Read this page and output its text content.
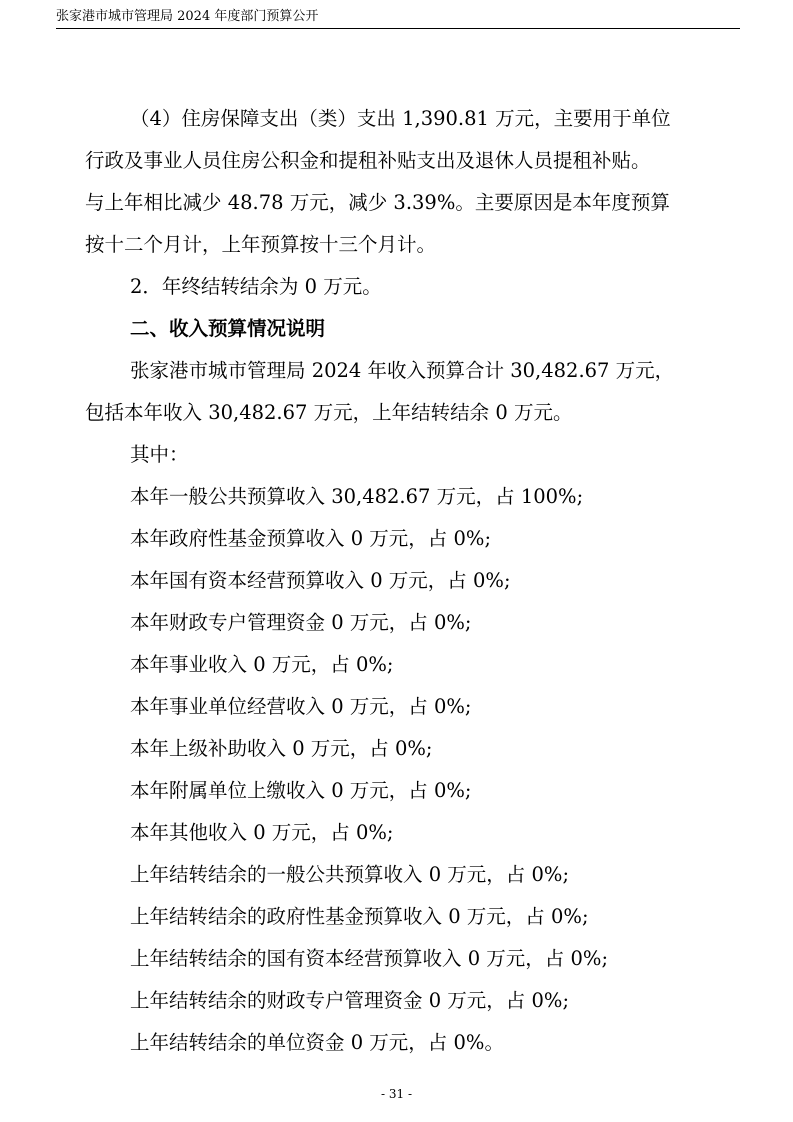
张家港市城市管理局 2024 年度部门预算公开
（4）住房保障支出（类）支出 1,390.81 万元，主要用于单位
行政及事业人员住房公积金和提租补贴支出及退休人员提租补贴。
与上年相比减少 48.78 万元，减少 3.39%。主要原因是本年度预算
按十二个月计，上年预算按十三个月计。
2．年终结转结余为 0 万元。
二、收入预算情况说明
张家港市城市管理局 2024 年收入预算合计 30,482.67 万元，
包括本年收入 30,482.67 万元，上年结转结余 0 万元。
其中：
本年一般公共预算收入 30,482.67 万元，占 100%;
本年政府性基金预算收入 0 万元，占 0%;
本年国有资本经营预算收入 0 万元，占 0%;
本年财政专户管理资金 0 万元，占 0%;
本年事业收入 0 万元，占 0%;
本年事业单位经营收入 0 万元，占 0%;
本年上级补助收入 0 万元，占 0%;
本年附属单位上缴收入 0 万元，占 0%;
本年其他收入 0 万元，占 0%;
上年结转结余的一般公共预算收入 0 万元，占 0%;
上年结转结余的政府性基金预算收入 0 万元，占 0%;
上年结转结余的国有资本经营预算收入 0 万元，占 0%;
上年结转结余的财政专户管理资金 0 万元，占 0%;
上年结转结余的单位资金 0 万元，占 0%。
- 31 -
